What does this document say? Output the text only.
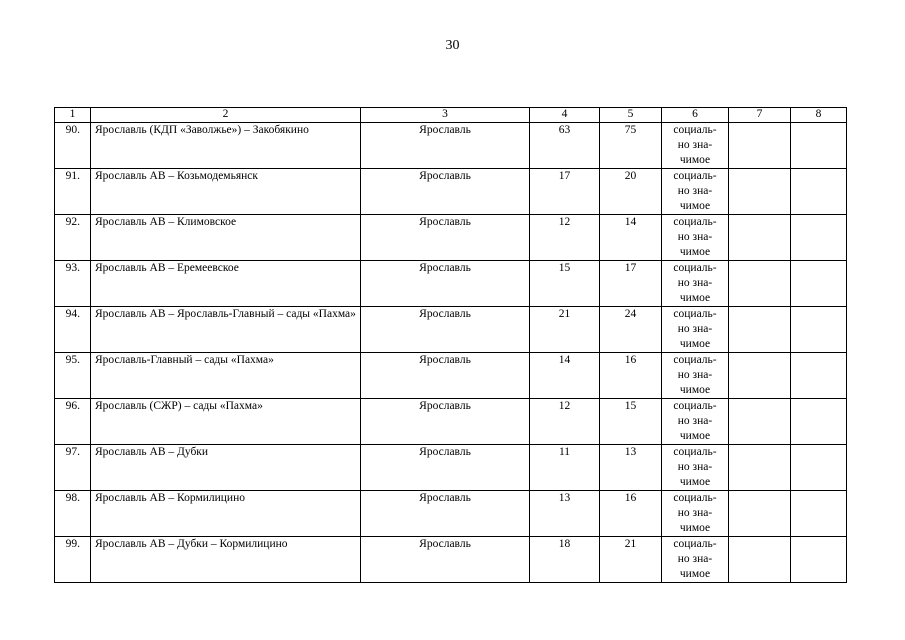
30
1	2	3	4	5	6	7	8
90.	Ярославль (КДП «Заволжье») – Закобякино	Ярославль	63	75	социаль-
но зна-
чимое		

91.	Ярославль АВ – Козьмодемьянск	Ярославль	17	20	социаль-
но зна-
чимое		

92.	Ярославль АВ – Климовское	Ярославль	12	14	социаль-
но зна-
чимое		

93.	Ярославль АВ – Еремеевское	Ярославль	15	17	социаль-
но зна-
чимое		

94.	Ярославль АВ – Ярославль-Главный – сады «Пахма»	Ярославль	21	24	социаль-
но зна-
чимое		

95.	Ярославль-Главный – сады «Пахма»	Ярославль	14	16	социаль-
но зна-
чимое		

96.	Ярославль (СЖР) – сады «Пахма»	Ярославль	12	15	социаль-
но зна-
чимое		

97.	Ярославль АВ – Дубки	Ярославль	11	13	социаль-
но зна-
чимое		

98.	Ярославль АВ – Кормилицино	Ярославль	13	16	социаль-
но зна-
чимое		

99.	Ярославль АВ – Дубки – Кормилицино	Ярославль	18	21	социаль-
но зна-
чимое		
